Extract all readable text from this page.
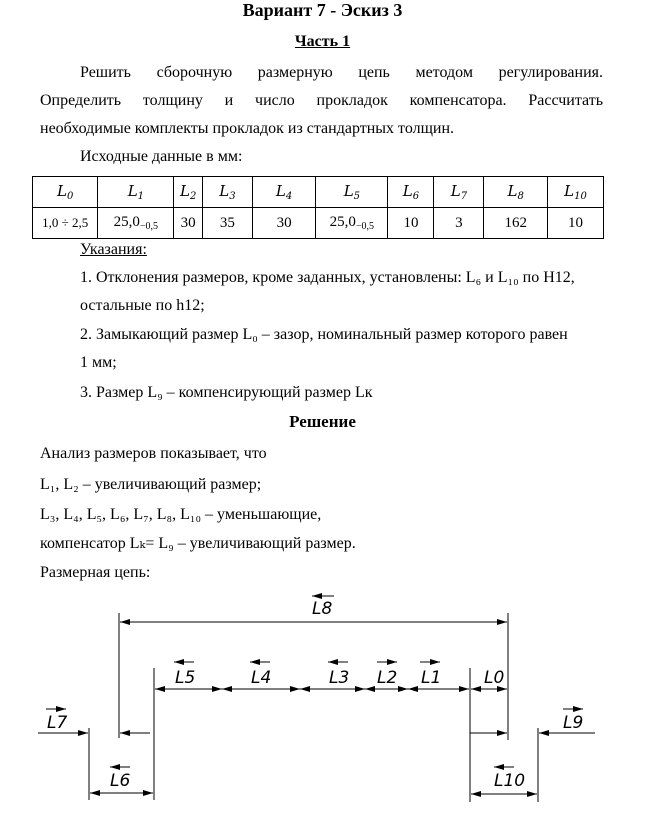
Вариант 7 - Эскиз 3
Часть 1
Решить сборочную размерную цепь методом регулирования.
Определить толщину и число прокладок компенсатора. Рассчитать
необходимые комплекты прокладок из стандартных толщин.
Исходные данные в мм:
$L_0$	$L_1$	$L_2$	$L_3$	$L_4$	$L_5$	$L_6$	$L_7$	$L_8$	$L_{10}$
1,0 ÷ 2,5	$25,0_{-0,5}$	30	35	30	$25,0_{-0,5}$	10	3	162	10
Указания:
1. Отклонения размеров, кроме заданных, установлены: L₆ и L₁₀ по H12,
остальные по h12;
2. Замыкающий размер L₀ – зазор, номинальный размер которого равен
1 мм;
3. Размер L₉ – компенсирующий размер Lк
Решение
Анализ размеров показывает, что
L₁, L₂ – увеличивающий размер;
L₃, L₄, L₅, L₆, L₇, L₈, L₁₀ – уменьшающие,
компенсатор Lₖ= L₉ – увеличивающий размер.
Размерная цепь:
L8
L5	L4	L3 L2 L1	L0
L7	L9
L6	L10
